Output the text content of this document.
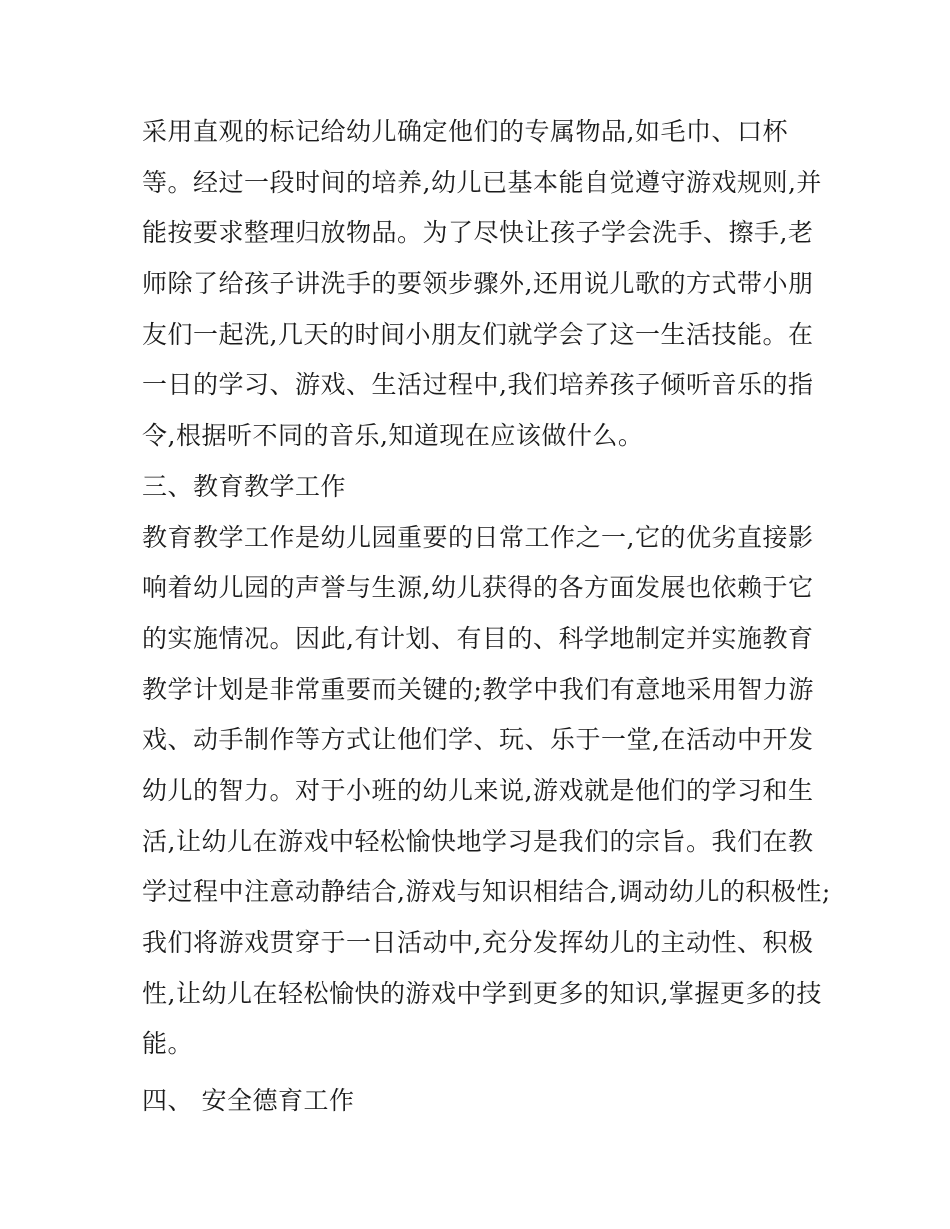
采用直观的标记给幼儿确定他们的专属物品,如毛巾、口杯
等。经过一段时间的培养,幼儿已基本能自觉遵守游戏规则,并
能按要求整理归放物品。为了尽快让孩子学会洗手、擦手,老
师除了给孩子讲洗手的要领步骤外,还用说儿歌的方式带小朋
友们一起洗,几天的时间小朋友们就学会了这一生活技能。在
一日的学习、游戏、生活过程中,我们培养孩子倾听音乐的指
令,根据听不同的音乐,知道现在应该做什么。
三、教育教学工作
教育教学工作是幼儿园重要的日常工作之一,它的优劣直接影
响着幼儿园的声誉与生源,幼儿获得的各方面发展也依赖于它
的实施情况。因此,有计划、有目的、科学地制定并实施教育
教学计划是非常重要而关键的;教学中我们有意地采用智力游
戏、动手制作等方式让他们学、玩、乐于一堂,在活动中开发
幼儿的智力。对于小班的幼儿来说,游戏就是他们的学习和生
活,让幼儿在游戏中轻松愉快地学习是我们的宗旨。我们在教
学过程中注意动静结合,游戏与知识相结合,调动幼儿的积极性;
我们将游戏贯穿于一日活动中,充分发挥幼儿的主动性、积极
性,让幼儿在轻松愉快的游戏中学到更多的知识,掌握更多的技
能。
四、 安全德育工作
